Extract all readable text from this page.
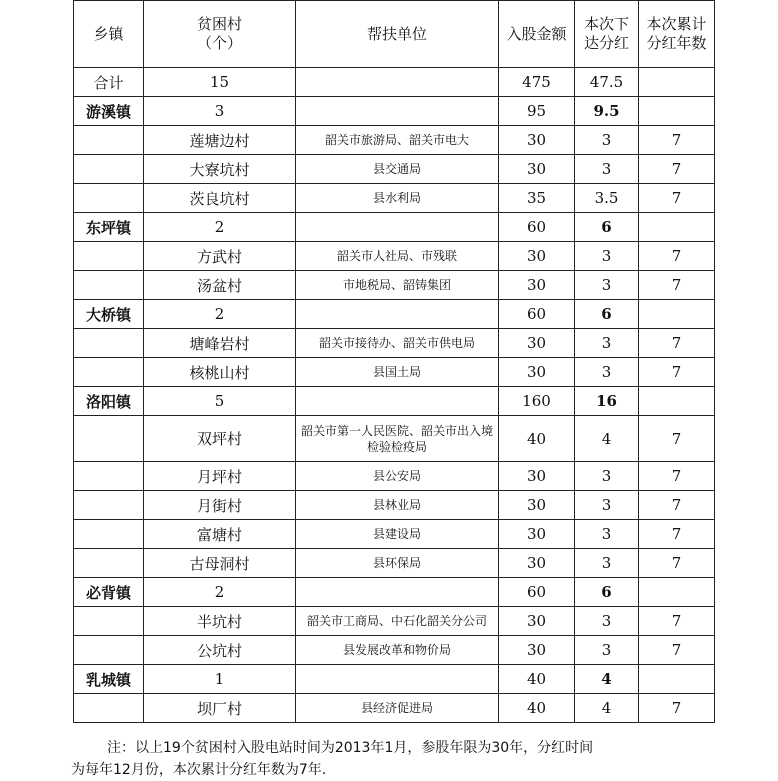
乡镇	贫困村（个）	帮扶单位	入股金额	本次下达分红	本次累计分红年数
合计	15		475	47.5	
游溪镇	3		95	9.5	
	莲塘边村	韶关市旅游局、韶关市电大	30	3	7
	大寮坑村	县交通局	30	3	7
	茨良坑村	县水利局	35	3.5	7
东坪镇	2		60	6	
	方武村	韶关市人社局、市残联	30	3	7
	汤盆村	市地税局、韶铸集团	30	3	7
大桥镇	2		60	6	
	塘峰岩村	韶关市接待办、韶关市供电局	30	3	7
	核桃山村	县国土局	30	3	7
洛阳镇	5		160	16	
	双坪村	韶关市第一人民医院、韶关市出入境检验检疫局	40	4	7
	月坪村	县公安局	30	3	7
	月街村	县林业局	30	3	7
	富塘村	县建设局	30	3	7
	古母洞村	县环保局	30	3	7
必背镇	2		60	6	
	半坑村	韶关市工商局、中石化韶关分公司	30	3	7
	公坑村	县发展改革和物价局	30	3	7
乳城镇	1		40	4	
	坝厂村	县经济促进局	40	4	7
注：以上19个贫困村入股电站时间为2013年1月，参股年限为30年，分红时间
为每年12月份，本次累计分红年数为7年.
